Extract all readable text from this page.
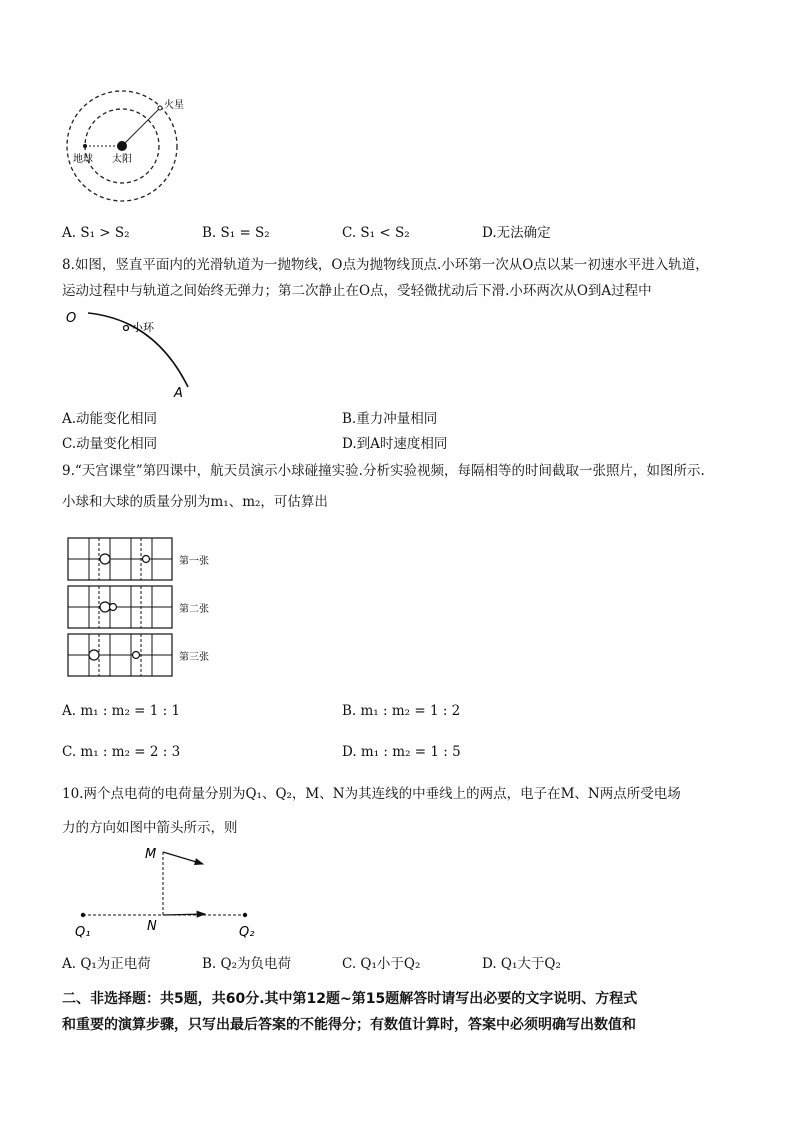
火星
地球 太阳
A. S₁ > S₂	B. S₁ = S₂	C. S₁ < S₂	D.无法确定
8.如图，竖直平面内的光滑轨道为一抛物线，O点为抛物线顶点.小环第一次从O点以某一初速水平进入轨道，
运动过程中与轨道之间始终无弹力；第二次静止在O点，受轻微扰动后下滑.小环两次从O到A过程中
O
小环
A
A.动能变化相同	B.重力冲量相同
C.动量变化相同	D.到A时速度相同
9.“天宫课堂”第四课中，航天员演示小球碰撞实验.分析实验视频，每隔相等的时间截取一张照片，如图所示.
小球和大球的质量分别为m₁、m₂，可估算出
第一张
第二张
第三张
A. m₁ : m₂ = 1 : 1	B. m₁ : m₂ = 1 : 2
C. m₁ : m₂ = 2 : 3	D. m₁ : m₂ = 1 : 5
10.两个点电荷的电荷量分别为Q₁、Q₂，M、N为其连线的中垂线上的两点，电子在M、N两点所受电场
力的方向如图中箭头所示，则
M
N
Q₁	Q₂
A. Q₁为正电荷	B. Q₂为负电荷	C. Q₁小于Q₂	D. Q₁大于Q₂
二、非选择题：共5题，共60分.其中第12题~第15题解答时请写出必要的文字说明、方程式
和重要的演算步骤，只写出最后答案的不能得分；有数值计算时，答案中必须明确写出数值和
